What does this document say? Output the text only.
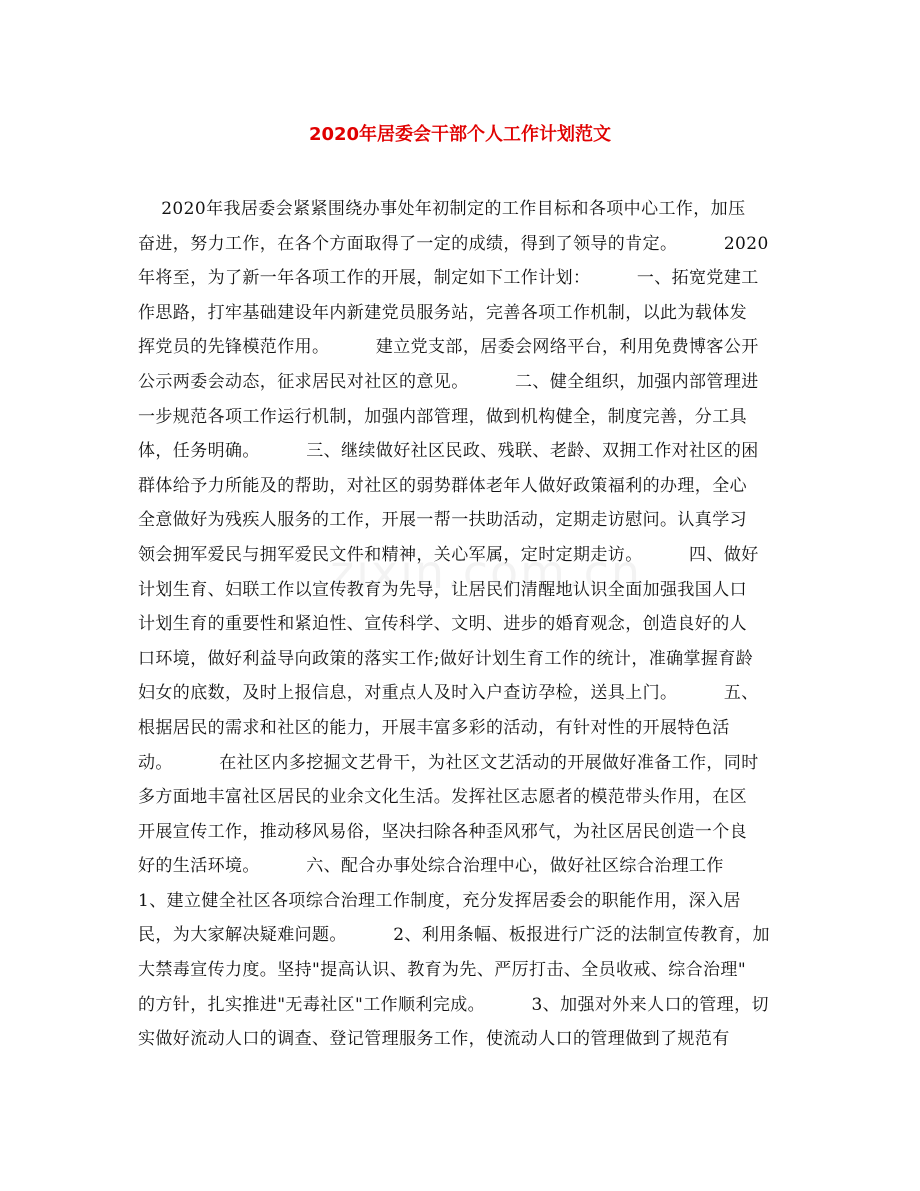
2020年居委会干部个人工作计划范文
2020年我居委会紧紧围绕办事处年初制定的工作目标和各项中心工作，加压
奋进，努力工作，在各个方面取得了一定的成绩，得到了领导的肯定。        2020
年将至，为了新一年各项工作的开展，制定如下工作计划：        一、拓宽党建工
作思路，打牢基础建设年内新建党员服务站，完善各项工作机制，以此为载体发
挥党员的先锋模范作用。        建立党支部，居委会网络平台，利用免费博客公开
公示两委会动态，征求居民对社区的意见。        二、健全组织，加强内部管理进
一步规范各项工作运行机制，加强内部管理，做到机构健全，制度完善，分工具
体，任务明确。        三、继续做好社区民政、残联、老龄、双拥工作对社区的困
群体给予力所能及的帮助，对社区的弱势群体老年人做好政策福利的办理，全心
全意做好为残疾人服务的工作，开展一帮一扶助活动，定期走访慰问。认真学习
领会拥军爱民与拥军爱民文件和精神，关心军属，定时定期走访。        四、做好
计划生育、妇联工作以宣传教育为先导，让居民们清醒地认识全面加强我国人口
计划生育的重要性和紧迫性、宣传科学、文明、进步的婚育观念，创造良好的人
口环境，做好利益导向政策的落实工作;做好计划生育工作的统计，准确掌握育龄
妇女的底数，及时上报信息，对重点人及时入户查访孕检，送具上门。        五、
根据居民的需求和社区的能力，开展丰富多彩的活动，有针对性的开展特色活
动。        在社区内多挖掘文艺骨干，为社区文艺活动的开展做好准备工作，同时
多方面地丰富社区居民的业余文化生活。发挥社区志愿者的模范带头作用，在区
开展宣传工作，推动移风易俗，坚决扫除各种歪风邪气，为社区居民创造一个良
好的生活环境。        六、配合办事处综合治理中心，做好社区综合治理工作
1、建立健全社区各项综合治理工作制度，充分发挥居委会的职能作用，深入居
民，为大家解决疑难问题。        2、利用条幅、板报进行广泛的法制宣传教育，加
大禁毒宣传力度。坚持"提高认识、教育为先、严厉打击、全员收戒、综合治理"
的方针，扎实推进"无毒社区"工作顺利完成。        3、加强对外来人口的管理，切
实做好流动人口的调查、登记管理服务工作，使流动人口的管理做到了规范有
